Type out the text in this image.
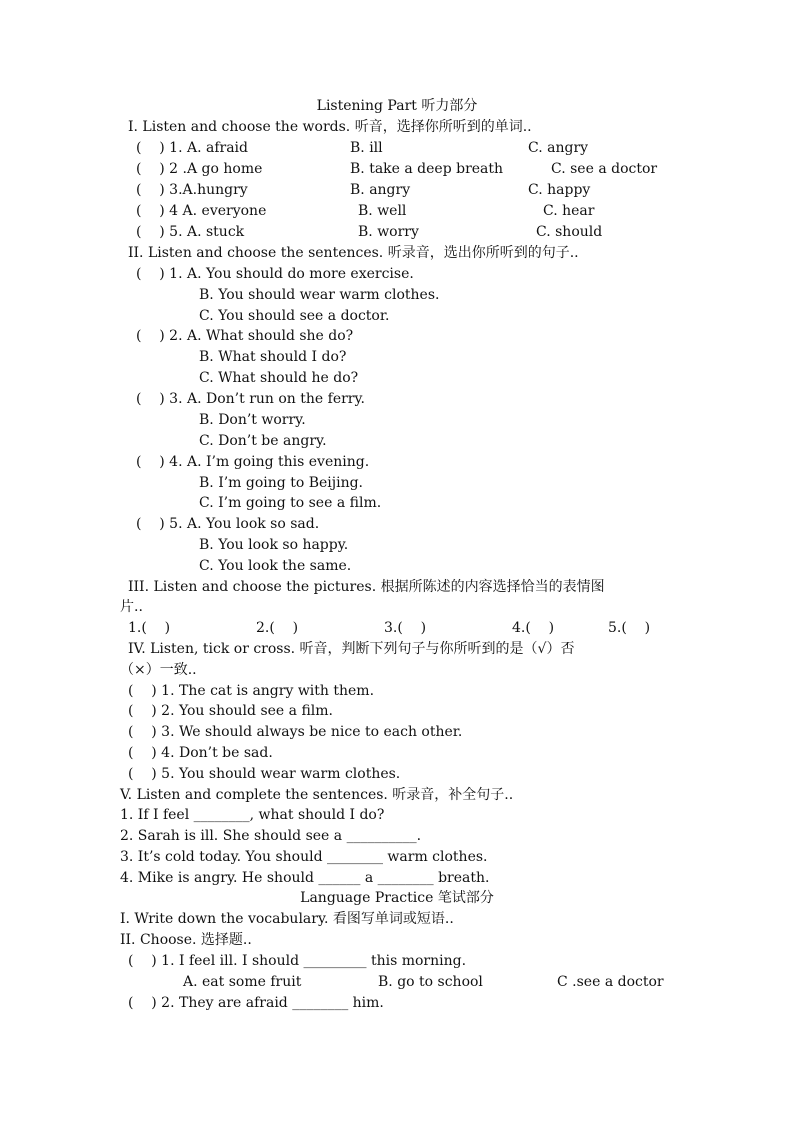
Listening Part 听力部分
I. Listen and choose the words. 听音，选择你所听到的单词..
(    ) 1. A. afraid	B. ill	C. angry
(    ) 2 .A go home	B. take a deep breath	C. see a doctor
(    ) 3.A.hungry	B. angry	C. happy
(    ) 4 A. everyone	B. well	C. hear
(    ) 5. A. stuck	B. worry	C. should
II. Listen and choose the sentences. 听录音，选出你所听到的句子..
(    ) 1. A. You should do more exercise.
B. You should wear warm clothes.
C. You should see a doctor.
(    ) 2. A. What should she do?
B. What should I do?
C. What should he do?
(    ) 3. A. Don’t run on the ferry.
B. Don’t worry.
C. Don’t be angry.
(    ) 4. A. I’m going this evening.
B. I’m going to Beijing.
C. I’m going to see a film.
(    ) 5. A. You look so sad.
B. You look so happy.
C. You look the same.
III. Listen and choose the pictures. 根据所陈述的内容选择恰当的表情图
片..
1.(    )	2.(    )	3.(    )	4.(    )	5.(    )
IV. Listen, tick or cross. 听音，判断下列句子与你所听到的是（√）否
（×）一致..
(    ) 1. The cat is angry with them.
(    ) 2. You should see a film.
(    ) 3. We should always be nice to each other.
(    ) 4. Don’t be sad.
(    ) 5. You should wear warm clothes.
V. Listen and complete the sentences. 听录音，补全句子..
1. If I feel ________, what should I do?
2. Sarah is ill. She should see a __________.
3. It’s cold today. You should ________ warm clothes.
4. Mike is angry. He should ______ a ________ breath.
Language Practice 笔试部分
I. Write down the vocabulary. 看图写单词或短语..
II. Choose. 选择题..
(    ) 1. I feel ill. I should _________ this morning.
A. eat some fruit	B. go to school	C .see a doctor
(    ) 2. They are afraid ________ him.
